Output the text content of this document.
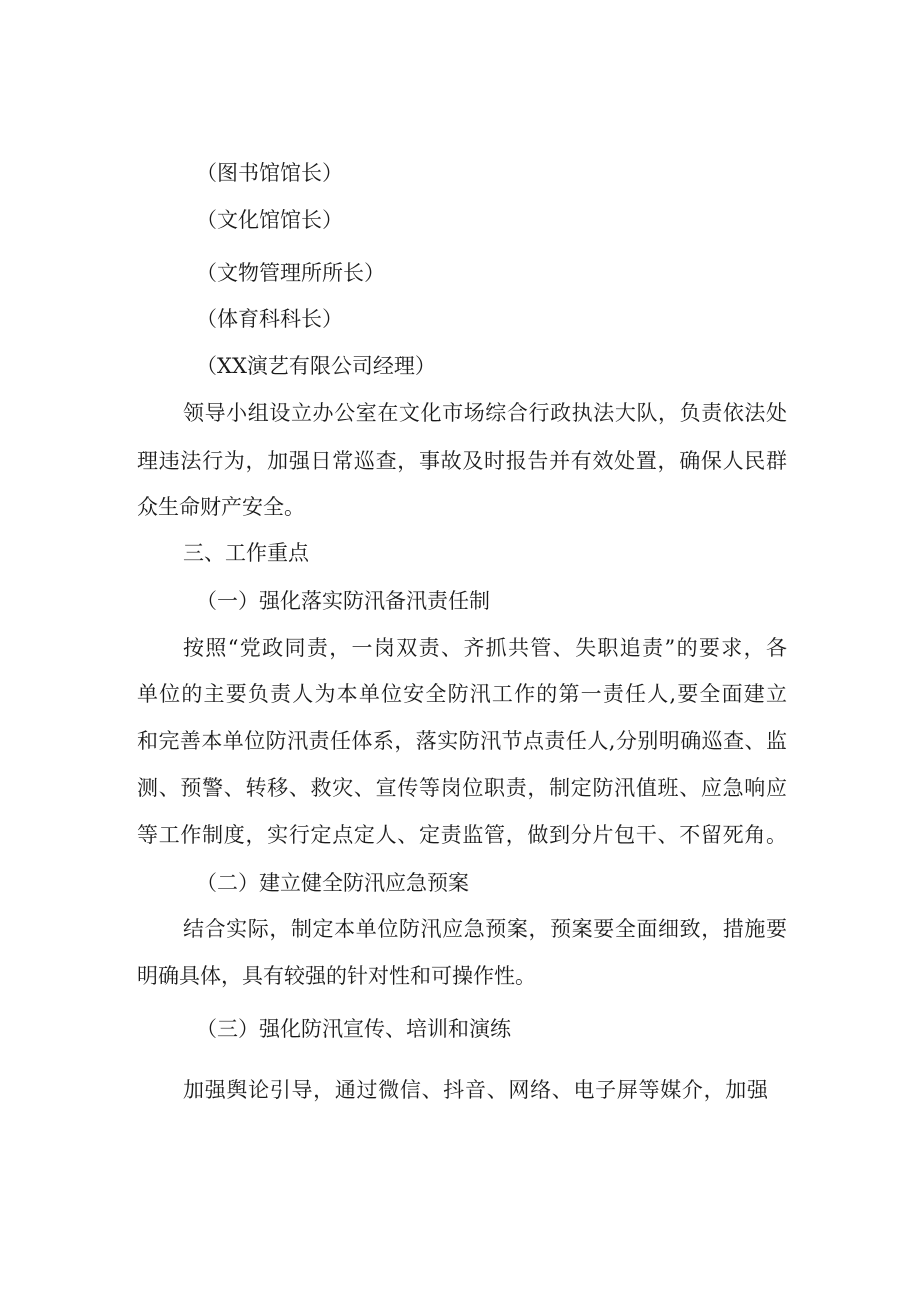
（图书馆馆长）
（文化馆馆长）
（文物管理所所长）
（体育科科长）
（XX演艺有限公司经理）
领导小组设立办公室在文化市场综合行政执法大队，负责依法处
理违法行为，加强日常巡查，事故及时报告并有效处置，确保人民群
众生命财产安全。
三、工作重点
（一）强化落实防汛备汛责任制
按照“党政同责，一岗双责、齐抓共管、失职追责”的要求，各
单位的主要负责人为本单位安全防汛工作的第一责任人,要全面建立
和完善本单位防汛责任体系，落实防汛节点责任人,分别明确巡查、监
测、预警、转移、救灾、宣传等岗位职责，制定防汛值班、应急响应
等工作制度，实行定点定人、定责监管，做到分片包干、不留死角。
（二）建立健全防汛应急预案
结合实际，制定本单位防汛应急预案，预案要全面细致，措施要
明确具体，具有较强的针对性和可操作性。
（三）强化防汛宣传、培训和演练
加强舆论引导，通过微信、抖音、网络、电子屏等媒介，加强
